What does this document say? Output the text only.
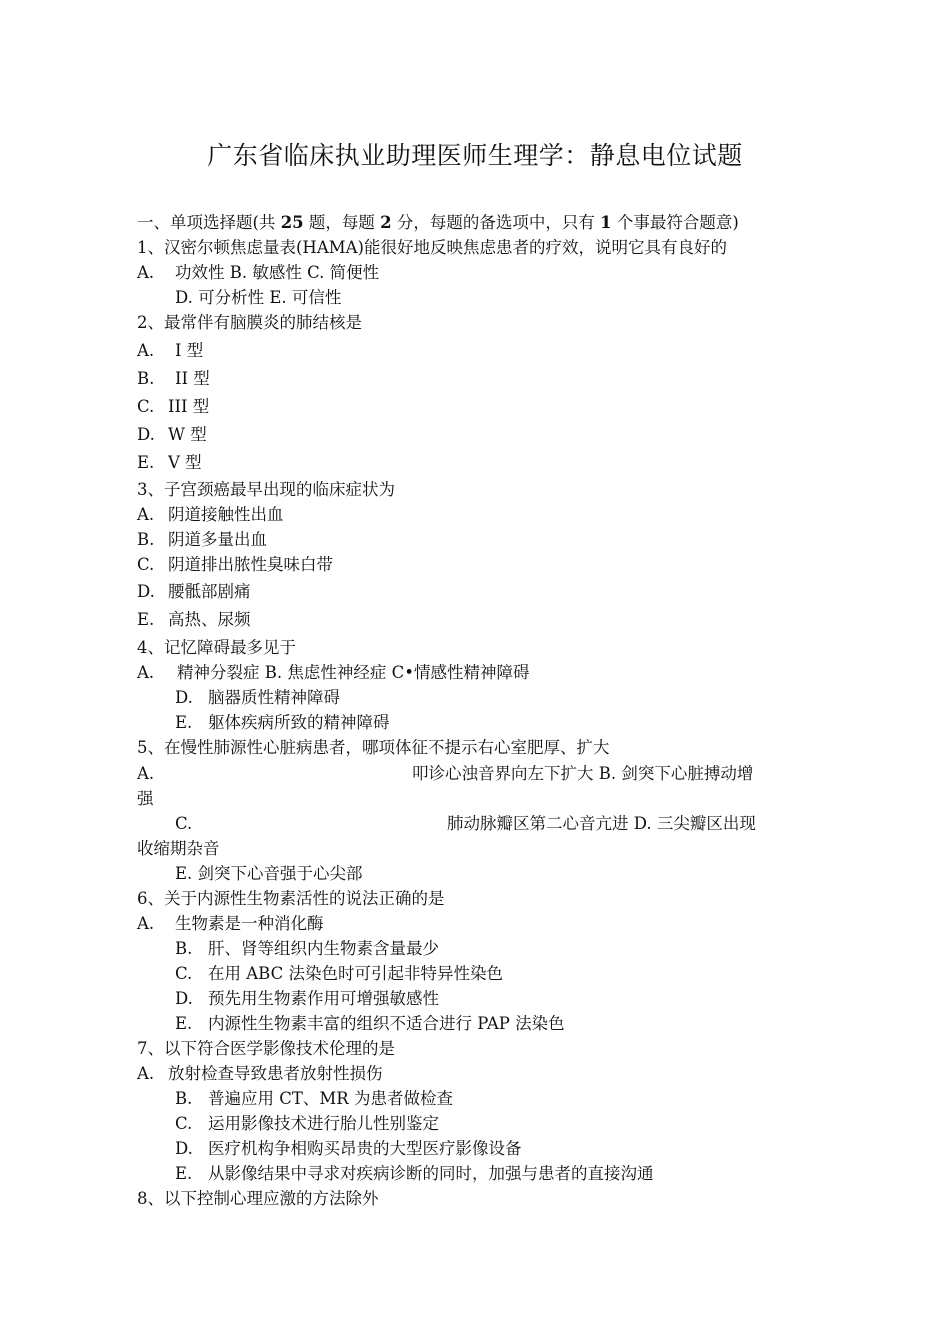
广东省临床执业助理医师生理学：静息电位试题
一、单项选择题(共 25 题，每题 2 分，每题的备选项中，只有 1 个事最符合题意)
1、汉密尔顿焦虑量表(HAMA)能很好地反映焦虑患者的疗效，说明它具有良好的
A. 功效性 B. 敏感性 C. 简便性
D. 可分析性 E. 可信性
2、最常伴有脑膜炎的肺结核是
A. I 型
B. II 型
C. III 型
D. W 型
E. V 型
3、子宫颈癌最早出现的临床症状为
A. 阴道接触性出血
B. 阴道多量出血
C. 阴道排出脓性臭味白带
D. 腰骶部剧痛
E. 高热、尿频
4、记忆障碍最多见于
A. 精神分裂症 B. 焦虑性神经症 C•情感性精神障碍
D. 脑器质性精神障碍
E. 躯体疾病所致的精神障碍
5、在慢性肺源性心脏病患者，哪项体征不提示右心室肥厚、扩大
A.	叩诊心浊音界向左下扩大 B. 剑突下心脏搏动增
强
C.	肺动脉瓣区第二心音亢进 D. 三尖瓣区出现
收缩期杂音
E. 剑突下心音强于心尖部
6、关于内源性生物素活性的说法正确的是
A. 生物素是一种消化酶
B. 肝、肾等组织内生物素含量最少
C. 在用 ABC 法染色时可引起非特异性染色
D. 预先用生物素作用可增强敏感性
E. 内源性生物素丰富的组织不适合进行 PAP 法染色
7、以下符合医学影像技术伦理的是
A. 放射检查导致患者放射性损伤
B. 普遍应用 CT、MR 为患者做检查
C. 运用影像技术进行胎儿性别鉴定
D. 医疗机构争相购买昂贵的大型医疗影像设备
E. 从影像结果中寻求对疾病诊断的同时，加强与患者的直接沟通
8、以下控制心理应激的方法除外
